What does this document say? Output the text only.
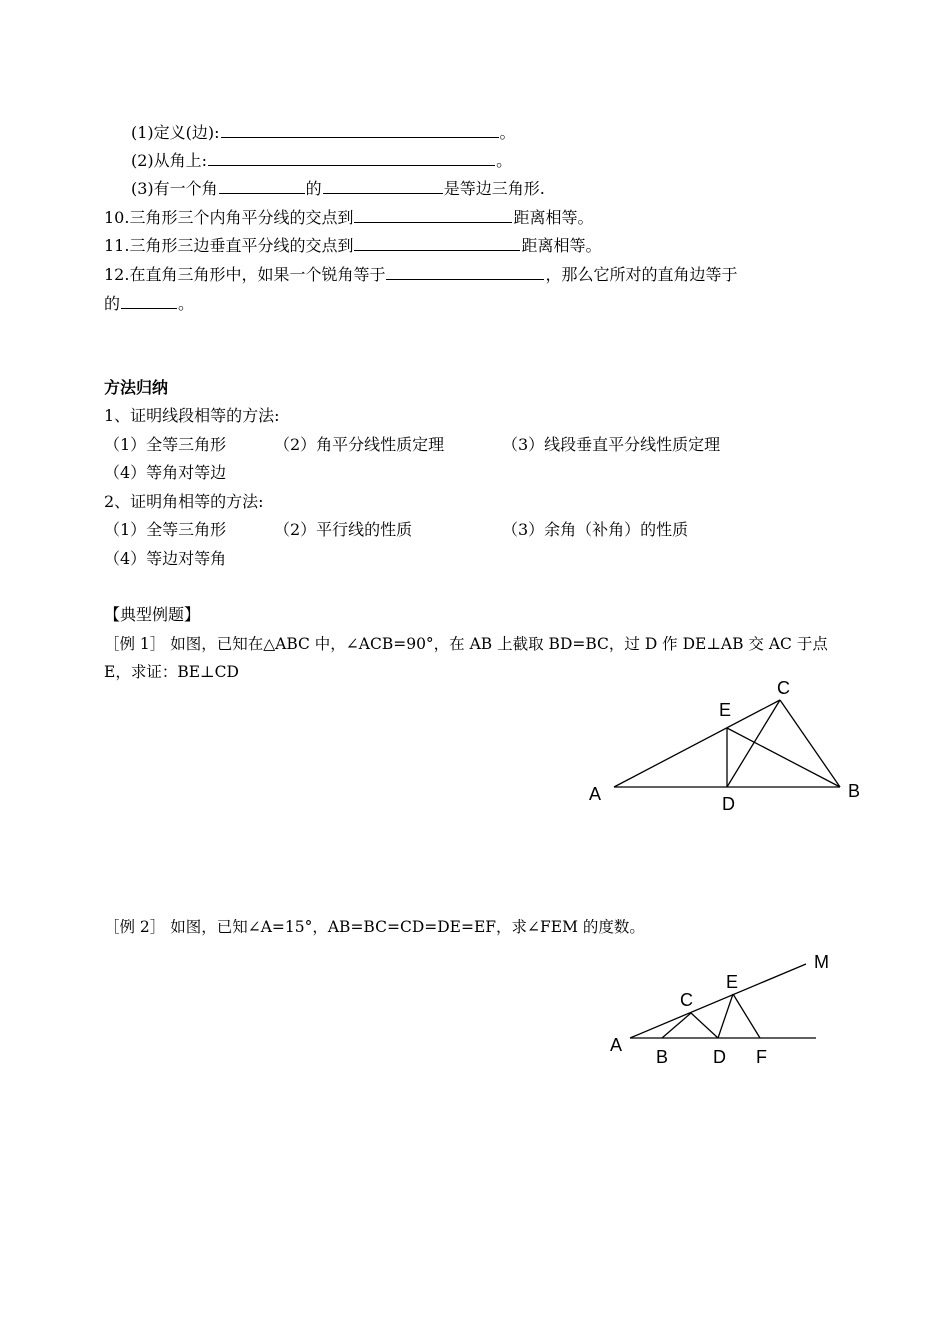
(1)定义(边):	。
(2)从角上:	。
(3)有一个角	的	是等边三角形.
10.三角形三个内角平分线的交点到	距离相等。
11.三角形三边垂直平分线的交点到	距离相等。
12.在直角三角形中，如果一个锐角等于	，那么它所对的直角边等于
的	。
方法归纳
1、证明线段相等的方法:
（1）全等三角形	（2）角平分线性质定理	（3）线段垂直平分线性质定理
（4）等角对等边
2、证明角相等的方法:
（1）全等三角形	（2）平行线的性质	（3）余角（补角）的性质
（4）等边对等角
【典型例题】
［例 1］ 如图，已知在△ABC 中，∠ACB=90°，在 AB 上截取 BD=BC，过 D 作 DE⊥AB 交 AC 于点
E，求证：BE⊥CD
A	B
C
D
E
［例 2］ 如图，已知∠A=15°，AB=BC=CD=DE=EF，求∠FEM 的度数。
A
B
C
D
E
F
M
